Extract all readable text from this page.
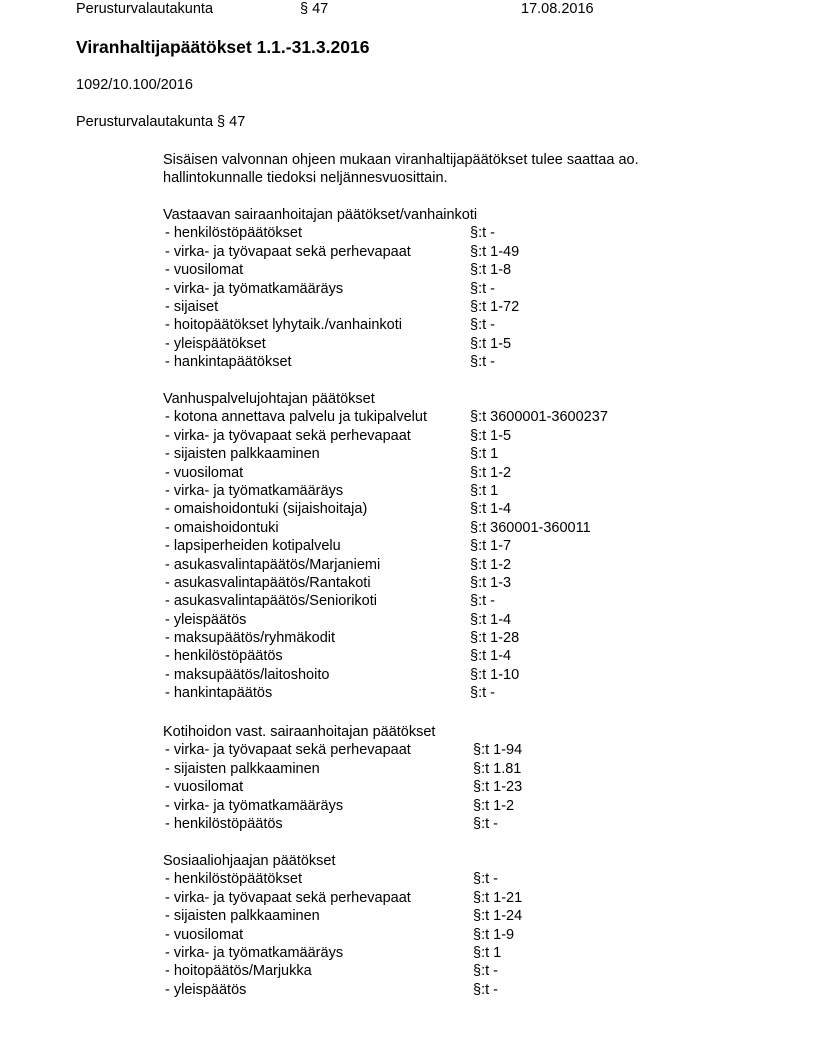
Perusturvalautakunta	§ 47	17.08.2016
Viranhaltijapäätökset 1.1.-31.3.2016
1092/10.100/2016
Perusturvalautakunta § 47

Sisäisen valvonnan ohjeen mukaan viranhaltijapäätökset tulee saattaa ao. hallintokunnalle tiedoksi neljännesvuosittain.

Vastaavan sairaanhoitajan päätökset/vanhainkoti
- henkilöstöpäätökset	§:t -
- virka- ja työvapaat sekä perhevapaat	§:t 1-49
- vuosilomat	§:t 1-8
- virka- ja työmatkamääräys	§:t -
- sijaiset	§:t 1-72
- hoitopäätökset lyhytaik./vanhainkoti	§:t -
- yleispäätökset	§:t 1-5
- hankintapäätökset	§:t -
Vanhuspalvelujohtajan päätökset
- kotona annettava palvelu ja tukipalvelut	§:t 3600001-3600237
- virka- ja työvapaat sekä perhevapaat	§:t 1-5
- sijaisten palkkaaminen	§:t 1
- vuosilomat	§:t 1-2
- virka- ja työmatkamääräys	§:t 1
- omaishoidontuki (sijaishoitaja)	§:t 1-4
- omaishoidontuki	§:t 360001-360011
- lapsiperheiden kotipalvelu	§:t 1-7
- asukasvalintapäätös/Marjaniemi	§:t 1-2
- asukasvalintapäätös/Rantakoti	§:t 1-3
- asukasvalintapäätös/Seniorikoti	§:t -
- yleispäätös	§:t 1-4
- maksupäätös/ryhmäkodit	§:t 1-28
- henkilöstöpäätös	§:t 1-4
- maksupäätös/laitoshoito	§:t 1-10
- hankintapäätös	§:t -
Kotihoidon vast. sairaanhoitajan päätökset
- virka- ja työvapaat sekä perhevapaat	§:t 1-94
- sijaisten palkkaaminen	§:t 1.81
- vuosilomat	§:t 1-23
- virka- ja työmatkamääräys	§:t 1-2
- henkilöstöpäätös	§:t -
Sosiaaliohjaajan päätökset
- henkilöstöpäätökset	§:t -
- virka- ja työvapaat sekä perhevapaat	§:t 1-21
- sijaisten palkkaaminen	§:t 1-24
- vuosilomat	§:t 1-9
- virka- ja työmatkamääräys	§:t 1
- hoitopäätös/Marjukka	§:t -
- yleispäätös	§:t -
